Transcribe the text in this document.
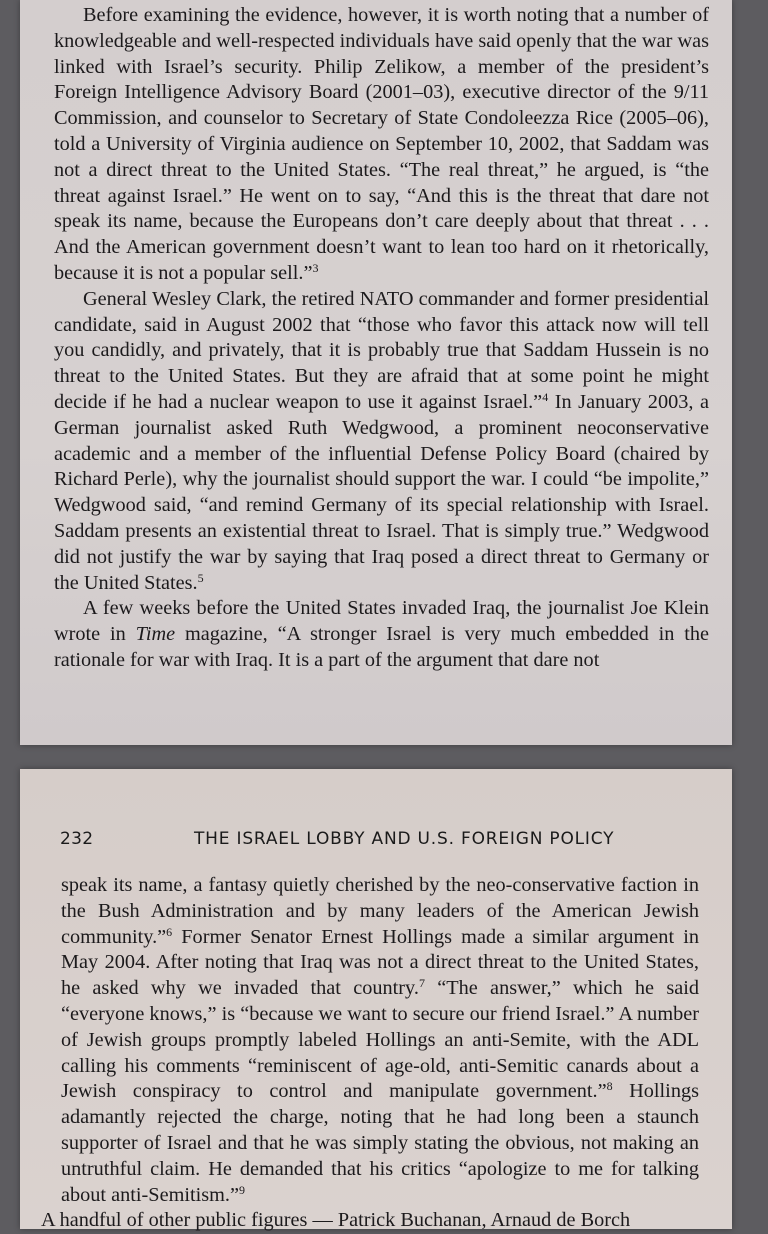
Before examining the evidence, however, it is worth noting that a number of knowledgeable and well-respected individuals have said openly that the war was linked with Israel’s security. Philip Zelikow, a member of the president’s Foreign Intelligence Advisory Board (2001–03), executive director of the 9/11 Commission, and counselor to Secretary of State Condoleezza Rice (2005–06), told a University of Virginia audience on September 10, 2002, that Saddam was not a direct threat to the United States. “The real threat,” he argued, is “the threat against Israel.” He went on to say, “And this is the threat that dare not speak its name, because the Europeans don’t care deeply about that threat . . . And the American government doesn’t want to lean too hard on it rhetorically, because it is not a popular sell.”$^3$

General Wesley Clark, the retired NATO commander and former presidential candidate, said in August 2002 that “those who favor this attack now will tell you candidly, and privately, that it is probably true that Saddam Hussein is no threat to the United States. But they are afraid that at some point he might decide if he had a nuclear weapon to use it against Israel.”$^4$ In January 2003, a German journalist asked Ruth Wedgwood, a prominent neoconservative academic and a member of the influential Defense Policy Board (chaired by Richard Perle), why the journalist should support the war. I could “be impolite,” Wedgwood said, “and remind Germany of its special relationship with Israel. Saddam presents an existential threat to Israel. That is simply true.” Wedgwood did not justify the war by saying that Iraq posed a direct threat to Germany or the United States.$^5$

A few weeks before the United States invaded Iraq, the journalist Joe Klein wrote in Time magazine, “A stronger Israel is very much embedded in the rationale for war with Iraq. It is a part of the argument that dare not

232	THE ISRAEL LOBBY AND U.S. FOREIGN POLICY

speak its name, a fantasy quietly cherished by the neo-conservative faction in the Bush Administration and by many leaders of the American Jewish community.”$^6$ Former Senator Ernest Hollings made a similar argument in May 2004. After noting that Iraq was not a direct threat to the United States, he asked why we invaded that country.$^7$ “The answer,” which he said “everyone knows,” is “because we want to secure our friend Israel.” A number of Jewish groups promptly labeled Hollings an anti-Semite, with the ADL calling his comments “reminiscent of age-old, anti-Semitic canards about a Jewish conspiracy to control and manipulate government.”$^8$ Hollings adamantly rejected the charge, noting that he had long been a staunch supporter of Israel and that he was simply stating the obvious, not making an untruthful claim. He demanded that his critics “apologize to me for talking about anti-Semitism.”$^9$

A handful of other public figures — Patrick Buchanan, Arnaud de Borch
